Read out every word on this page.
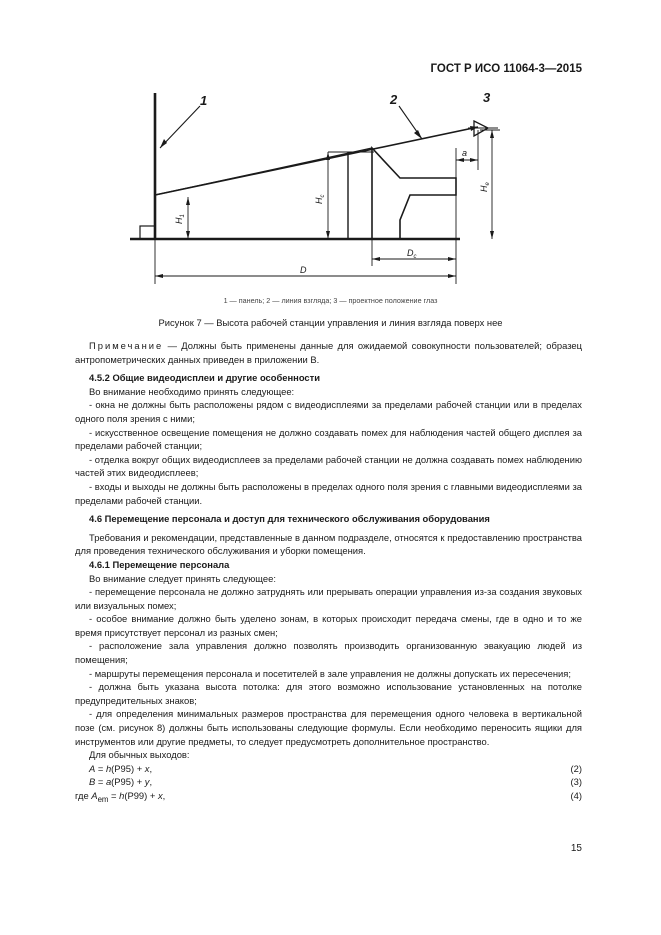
ГОСТ Р ИСО 11064-3—2015
1	2	3
$H_1$
$H_c$
$H_e$
a
$D_c$
D
1 — панель; 2 — линия взгляда; 3 — проектное положение глаз
Рисунок 7 — Высота рабочей станции управления и линия взгляда поверх нее

Примечание — Должны быть применены данные для ожидаемой совокупности пользователей; образец антропометрических данных приведен в приложении В.

4.5.2 Общие видеодисплеи и другие особенности

Во внимание необходимо принять следующее:

- окна не должны быть расположены рядом с видеодисплеями за пределами рабочей станции или в пределах одного поля зрения с ними;

- искусственное освещение помещения не должно создавать помех для наблюдения частей общего дисплея за пределами рабочей станции;

- отделка вокруг общих видеодисплеев за пределами рабочей станции не должна создавать помех наблюдению частей этих видеодисплеев;

- входы и выходы не должны быть расположены в пределах одного поля зрения с главными видеодисплеями за пределами рабочей станции.

4.6 Перемещение персонала и доступ для технического обслуживания оборудования

Требования и рекомендации, представленные в данном подразделе, относятся к предоставлению пространства для проведения технического обслуживания и уборки помещения.

4.6.1 Перемещение персонала

Во внимание следует принять следующее:

- перемещение персонала не должно затруднять или прерывать операции управления из-за создания звуковых или визуальных помех;

- особое внимание должно быть уделено зонам, в которых происходит передача смены, где в одно и то же время присутствует персонал из разных смен;

- расположение зала управления должно позволять производить организованную эвакуацию людей из помещения;

- маршруты перемещения персонала и посетителей в зале управления не должны допускать их пересечения;

- должна быть указана высота потолка: для этого возможно использование установленных на потолке предупредительных знаков;

- для определения минимальных размеров пространства для перемещения одного человека в вертикальной позе (см. рисунок 8) должны быть использованы следующие формулы. Если необходимо переносить ящики для инструментов или другие предметы, то следует предусмотреть дополнительное пространство.

Для обычных выходов:

A = h(P95) + x,	(2)
B = a(P95) + y,	(3)
где $A_{em} = h(P99) + x$,	(4)
15
